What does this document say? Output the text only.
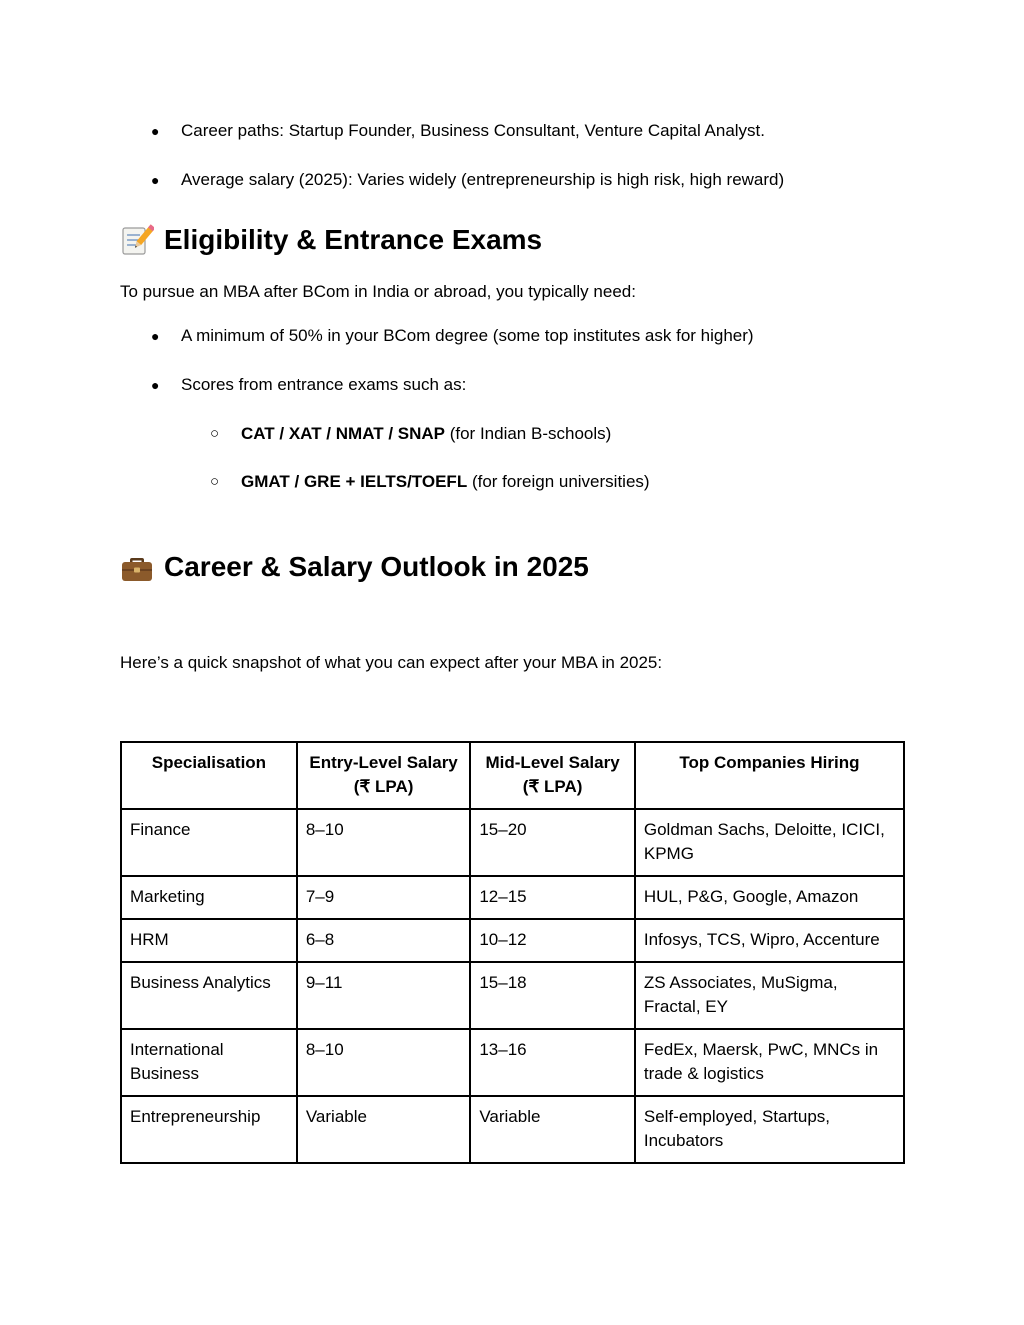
● Career paths: Startup Founder, Business Consultant, Venture Capital Analyst.
● Average salary (2025): Varies widely (entrepreneurship is high risk, high reward)
Eligibility & Entrance Exams
To pursue an MBA after BCom in India or abroad, you typically need:
● A minimum of 50% in your BCom degree (some top institutes ask for higher)
● Scores from entrance exams such as:
○ CAT / XAT / NMAT / SNAP (for Indian B-schools)
○ GMAT / GRE + IELTS/TOEFL (for foreign universities)
Career & Salary Outlook in 2025
Here’s a quick snapshot of what you can expect after your MBA in 2025:
Specialisation	Entry-Level Salary (₹ LPA)	Mid-Level Salary (₹ LPA)	Top Companies Hiring
Finance	8–10	15–20	Goldman Sachs, Deloitte, ICICI, KPMG
Marketing	7–9	12–15	HUL, P&G, Google, Amazon
HRM	6–8	10–12	Infosys, TCS, Wipro, Accenture
Business Analytics	9–11	15–18	ZS Associates, MuSigma, Fractal, EY
International Business	8–10	13–16	FedEx, Maersk, PwC, MNCs in trade & logistics
Entrepreneurship	Variable	Variable	Self-employed, Startups, Incubators
